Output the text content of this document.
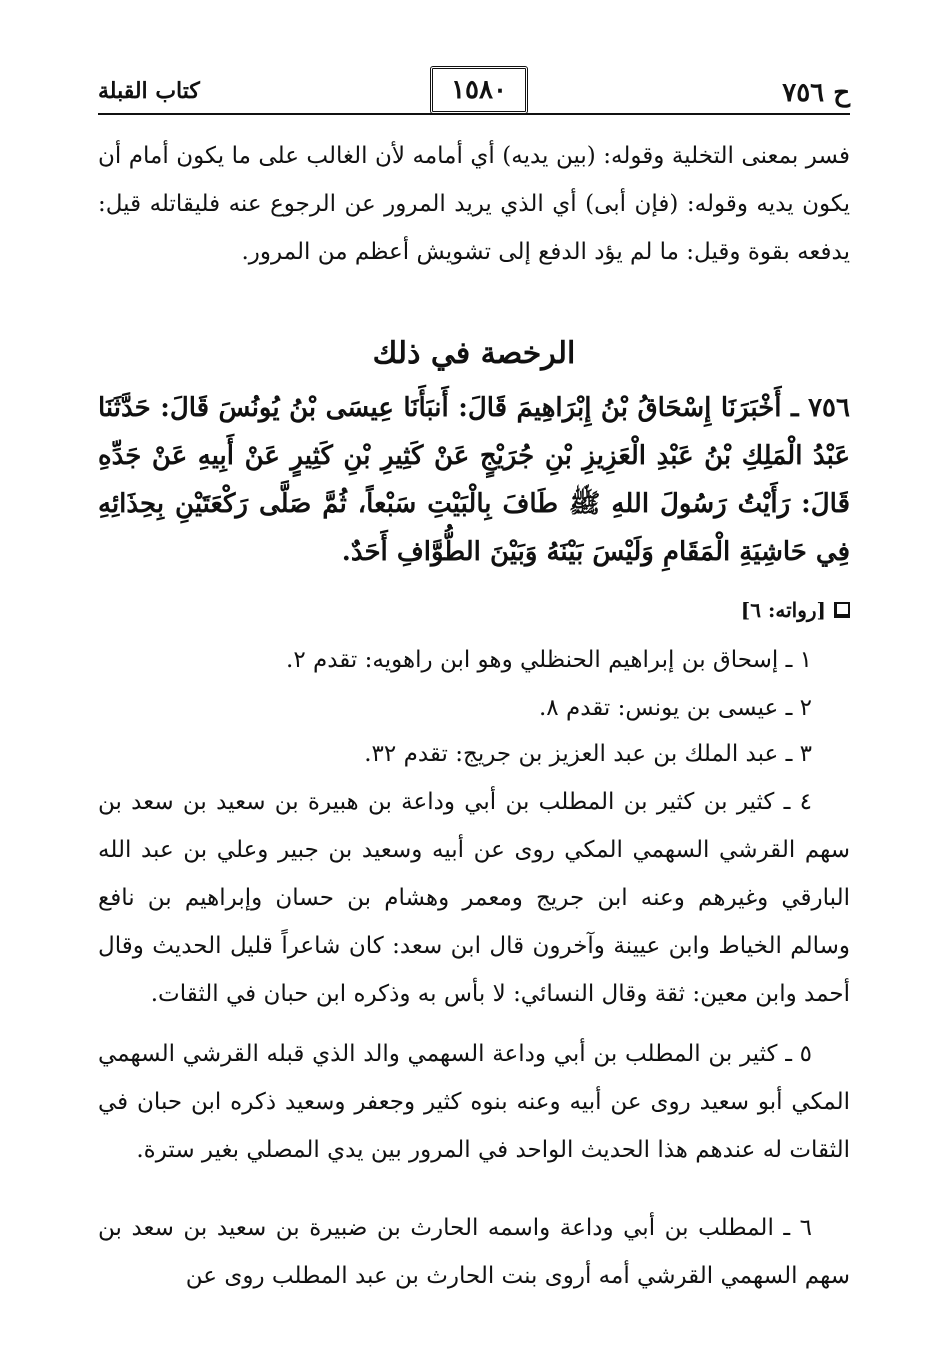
ح ٧٥٦
١٥٨٠
كتاب القبلة
فسر بمعنى التخلية وقوله: (بين يديه) أي أمامه لأن الغالب على ما يكون أمام أن يكون يديه وقوله: (فإن أبى) أي الذي يريد المرور عن الرجوع عنه فليقاتله قيل: يدفعه بقوة وقيل: ما لم يؤد الدفع إلى تشويش أعظم من المرور.
الرخصة في ذلك
٧٥٦ ـ أَخْبَرَنَا إِسْحَاقُ بْنُ إِبْرَاهِيمَ قَالَ: أَنبَأَنَا عِيسَى بْنُ يُونُسَ قَالَ: حَدَّثَنَا عَبْدُ الْمَلِكِ بْنُ عَبْدِ الْعَزِيزِ بْنِ جُرَيْجٍ عَنْ كَثِيرِ بْنِ كَثِيرٍ عَنْ أَبِيهِ عَنْ جَدِّهِ قَالَ: رَأَيْتُ رَسُولَ اللهِ ﷺ طَافَ بِالْبَيْتِ سَبْعاً، ثُمَّ صَلَّى رَكْعَتَيْنِ بِحِذَائِهِ فِي حَاشِيَةِ الْمَقَامِ وَلَيْسَ بَيْنَهُ وَبَيْنَ الطُّوَّافِ أَحَدٌ.
[رواته: ٦]
١ ـ إسحاق بن إبراهيم الحنظلي وهو ابن راهويه: تقدم ٢.
٢ ـ عيسى بن يونس: تقدم ٨.
٣ ـ عبد الملك بن عبد العزيز بن جريج: تقدم ٣٢.
٤ ـ كثير بن كثير بن المطلب بن أبي وداعة بن هبيرة بن سعيد بن سعد بن سهم القرشي السهمي المكي روى عن أبيه وسعيد بن جبير وعلي بن عبد الله البارقي وغيرهم وعنه ابن جريج ومعمر وهشام بن حسان وإبراهيم بن نافع وسالم الخياط وابن عيينة وآخرون قال ابن سعد: كان شاعراً قليل الحديث وقال أحمد وابن معين: ثقة وقال النسائي: لا بأس به وذكره ابن حبان في الثقات.
٥ ـ كثير بن المطلب بن أبي وداعة السهمي والد الذي قبله القرشي السهمي المكي أبو سعيد روى عن أبيه وعنه بنوه كثير وجعفر وسعيد ذكره ابن حبان في الثقات له عندهم هذا الحديث الواحد في المرور بين يدي المصلي بغير سترة.
٦ ـ المطلب بن أبي وداعة واسمه الحارث بن ضبيرة بن سعيد بن سعد بن سهم السهمي القرشي أمه أروى بنت الحارث بن عبد المطلب روى عن
